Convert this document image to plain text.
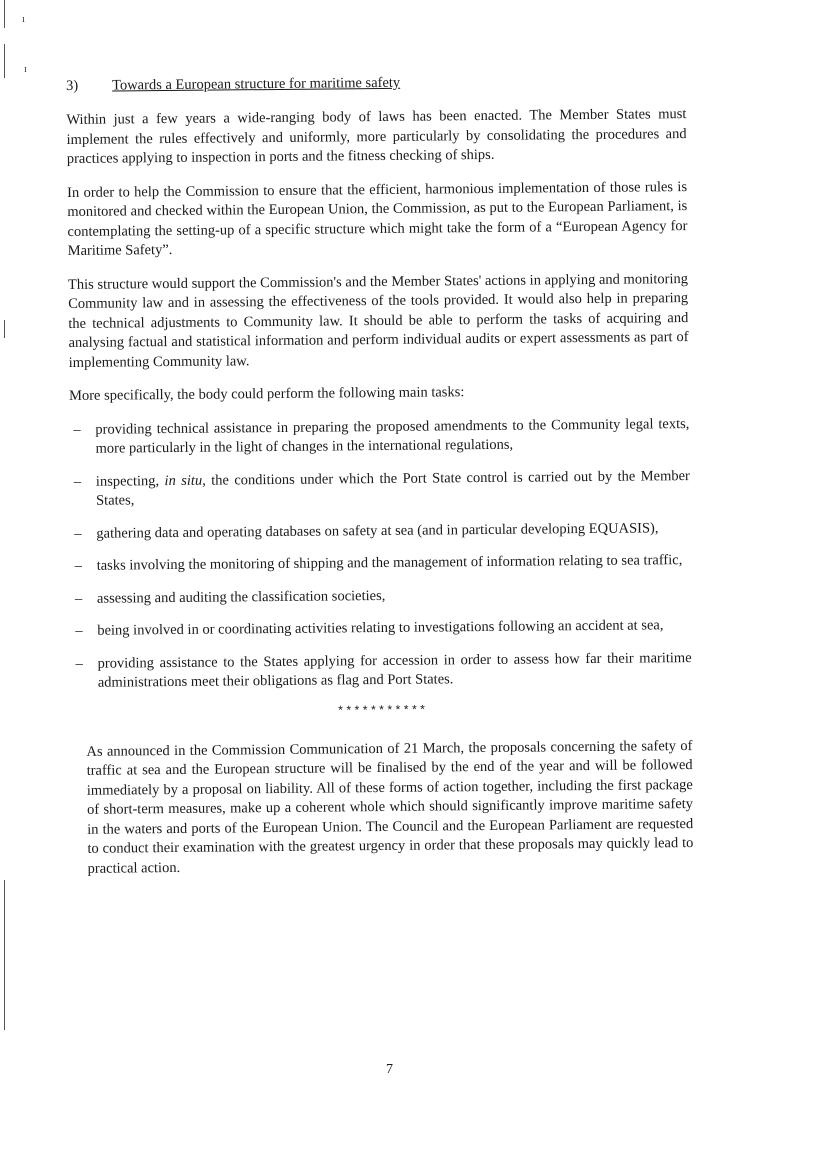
ı
ɪ
3)	Towards a European structure for maritime safety

Within just a few years a wide-ranging body of laws has been enacted. The Member States must implement the rules effectively and uniformly, more particularly by consolidating the procedures and practices applying to inspection in ports and the fitness checking of ships.

In order to help the Commission to ensure that the efficient, harmonious implementation of those rules is monitored and checked within the European Union, the Commission, as put to the European Parliament, is contemplating the setting-up of a specific structure which might take the form of a “European Agency for Maritime Safety”.

This structure would support the Commission's and the Member States' actions in applying and monitoring Community law and in assessing the effectiveness of the tools provided. It would also help in preparing the technical adjustments to Community law. It should be able to perform the tasks of acquiring and analysing factual and statistical information and perform individual audits or expert assessments as part of implementing Community law.

More specifically, the body could perform the following main tasks:

– providing technical assistance in preparing the proposed amendments to the Community legal texts, more particularly in the light of changes in the international regulations,
– inspecting, in situ, the conditions under which the Port State control is carried out by the Member States,
– gathering data and operating databases on safety at sea (and in particular developing EQUASIS),
– tasks involving the monitoring of shipping and the management of information relating to sea traffic,
– assessing and auditing the classification societies,
– being involved in or coordinating activities relating to investigations following an accident at sea,
– providing assistance to the States applying for accession in order to assess how far their maritime administrations meet their obligations as flag and Port States.
***********

As announced in the Commission Communication of 21 March, the proposals concerning the safety of traffic at sea and the European structure will be finalised by the end of the year and will be followed immediately by a proposal on liability. All of these forms of action together, including the first package of short-term measures, make up a coherent whole which should significantly improve maritime safety in the waters and ports of the European Union. The Council and the European Parliament are requested to conduct their examination with the greatest urgency in order that these proposals may quickly lead to practical action.

7
